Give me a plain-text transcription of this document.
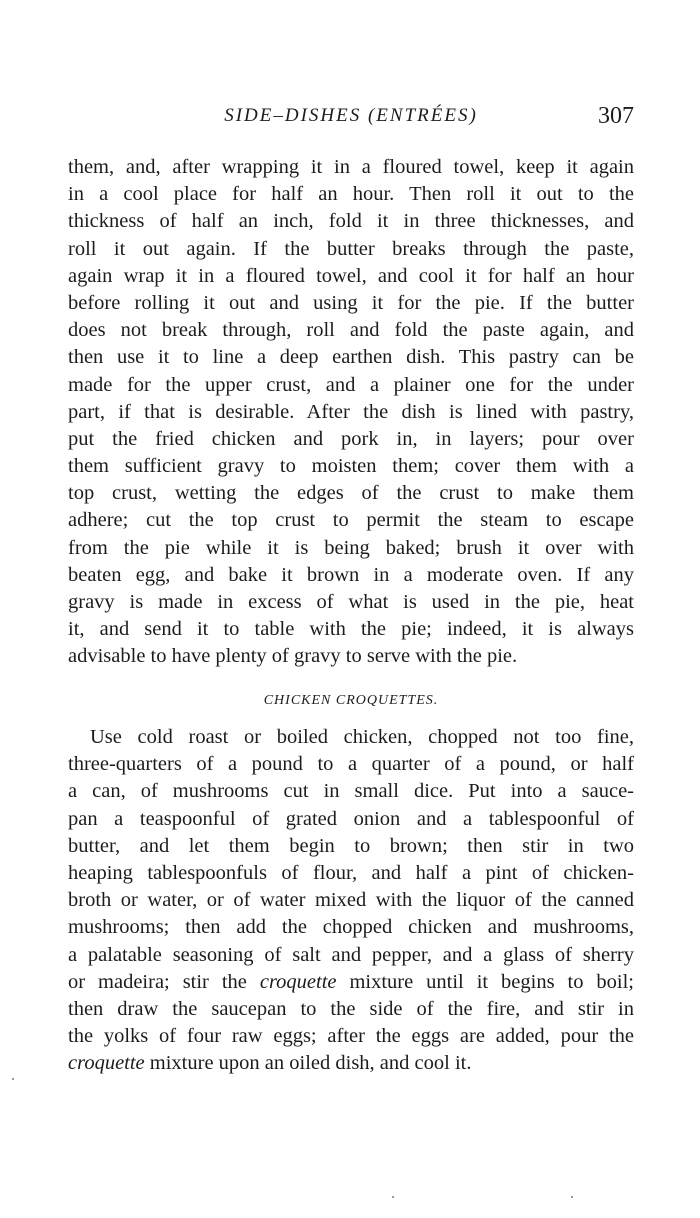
SIDE–DISHES (ENTRÉES)	307
them, and, after wrapping it in a floured towel, keep it again
in a cool place for half an hour. Then roll it out to the
thickness of half an inch, fold it in three thicknesses, and
roll it out again. If the butter breaks through the paste,
again wrap it in a floured towel, and cool it for half an hour
before rolling it out and using it for the pie. If the butter
does not break through, roll and fold the paste again, and
then use it to line a deep earthen dish. This pastry can be
made for the upper crust, and a plainer one for the under
part, if that is desirable. After the dish is lined with pastry,
put the fried chicken and pork in, in layers; pour over
them sufficient gravy to moisten them; cover them with a
top crust, wetting the edges of the crust to make them
adhere; cut the top crust to permit the steam to escape
from the pie while it is being baked; brush it over with
beaten egg, and bake it brown in a moderate oven. If any
gravy is made in excess of what is used in the pie, heat
it, and send it to table with the pie; indeed, it is always
advisable to have plenty of gravy to serve with the pie.
CHICKEN CROQUETTES.
Use cold roast or boiled chicken, chopped not too fine,
three-quarters of a pound to a quarter of a pound, or half
a can, of mushrooms cut in small dice. Put into a sauce-
pan a teaspoonful of grated onion and a tablespoonful of
butter, and let them begin to brown; then stir in two
heaping tablespoonfuls of flour, and half a pint of chicken-
broth or water, or of water mixed with the liquor of the canned
mushrooms; then add the chopped chicken and mushrooms,
a palatable seasoning of salt and pepper, and a glass of sherry
or madeira; stir the croquette mixture until it begins to boil;
then draw the saucepan to the side of the fire, and stir in
the yolks of four raw eggs; after the eggs are added, pour the
croquette mixture upon an oiled dish, and cool it.
